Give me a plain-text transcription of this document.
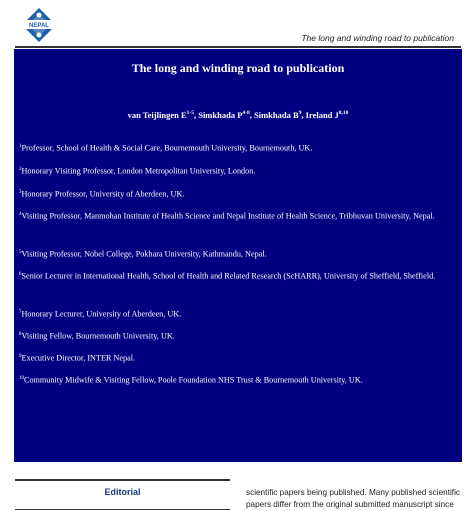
NEPAL
The long and winding road to publication
The long and winding road to publication
van Teijlingen $E^{1-5}$, Simkhada $P^{4-8}$, Simkhada $B^9$, Ireland J$^{8,10}$
$^1$Professor, School of Health & Social Care, Bournemouth University, Bournemouth, UK.
$^2$Honorary Visiting Professor, London Metropolitan University, London.
$^3$Honorary Professor, University of Aberdeen, UK.
$^4$Visiting Professor, Manmohan Institute of Health Science and Nepal Institute of Health Science, Tribhuvan University, Nepal.
$^5$Visiting Professor, Nobel College, Pokhara University, Kathmandu, Nepal.
$^6$Senior Lecturer in International Health, School of Health and Related Research (ScHARR), University of Sheffield, Sheffield.
$^7$Honorary Lecturer, University of Aberdeen, UK.
$^8$Visiting Fellow, Bournemouth University, UK.
$^9$Executive Director, INTER Nepal.
$^{10}$Community Midwife & Visiting Fellow, Poole Foundation NHS Trust & Bournemouth University, UK.
Editorial	scientific papers being published. Many published scientific papers differ from the original submitted manuscript since
